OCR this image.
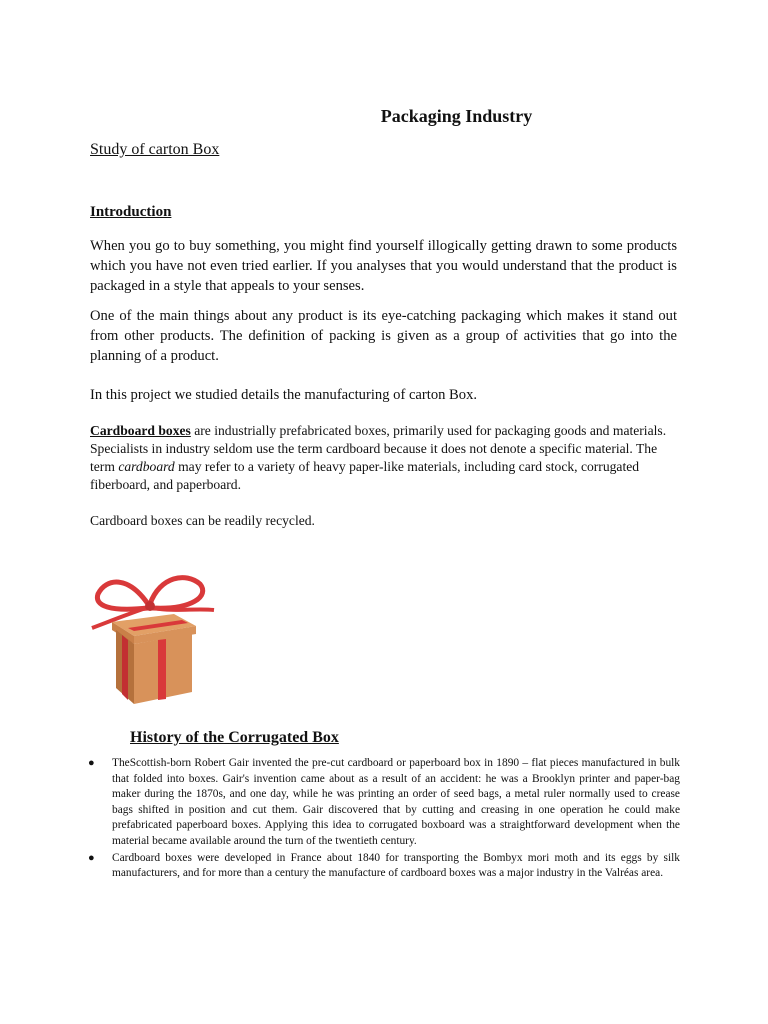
Packaging Industry
Study of carton Box
Introduction
When you go to buy something, you might find yourself illogically getting drawn to some products which you have not even tried earlier. If you analyses that you would understand that the product is packaged in a style that appeals to your senses.
One of the main things about any product is its eye-catching packaging which makes it stand out from other products. The definition of packing is given as a group of activities that go into the planning of a product.
In this project we studied details the manufacturing of carton Box.
Cardboard boxes are industrially prefabricated boxes, primarily used for packaging goods and materials. Specialists in industry seldom use the term cardboard because it does not denote a specific material. The term cardboard may refer to a variety of heavy paper-like materials, including card stock, corrugated fiberboard, and paperboard.
Cardboard boxes can be readily recycled.
History of the Corrugated Box
● TheScottish-born Robert Gair invented the pre-cut cardboard or paperboard box in 1890 – flat pieces manufactured in bulk that folded into boxes. Gair's invention came about as a result of an accident: he was a Brooklyn printer and paper-bag maker during the 1870s, and one day, while he was printing an order of seed bags, a metal ruler normally used to crease bags shifted in position and cut them. Gair discovered that by cutting and creasing in one operation he could make prefabricated paperboard boxes. Applying this idea to corrugated boxboard was a straightforward development when the material became available around the turn of the twentieth century.
● Cardboard boxes were developed in France about 1840 for transporting the Bombyx mori moth and its eggs by silk manufacturers, and for more than a century the manufacture of cardboard boxes was a major industry in the Valréas area.
